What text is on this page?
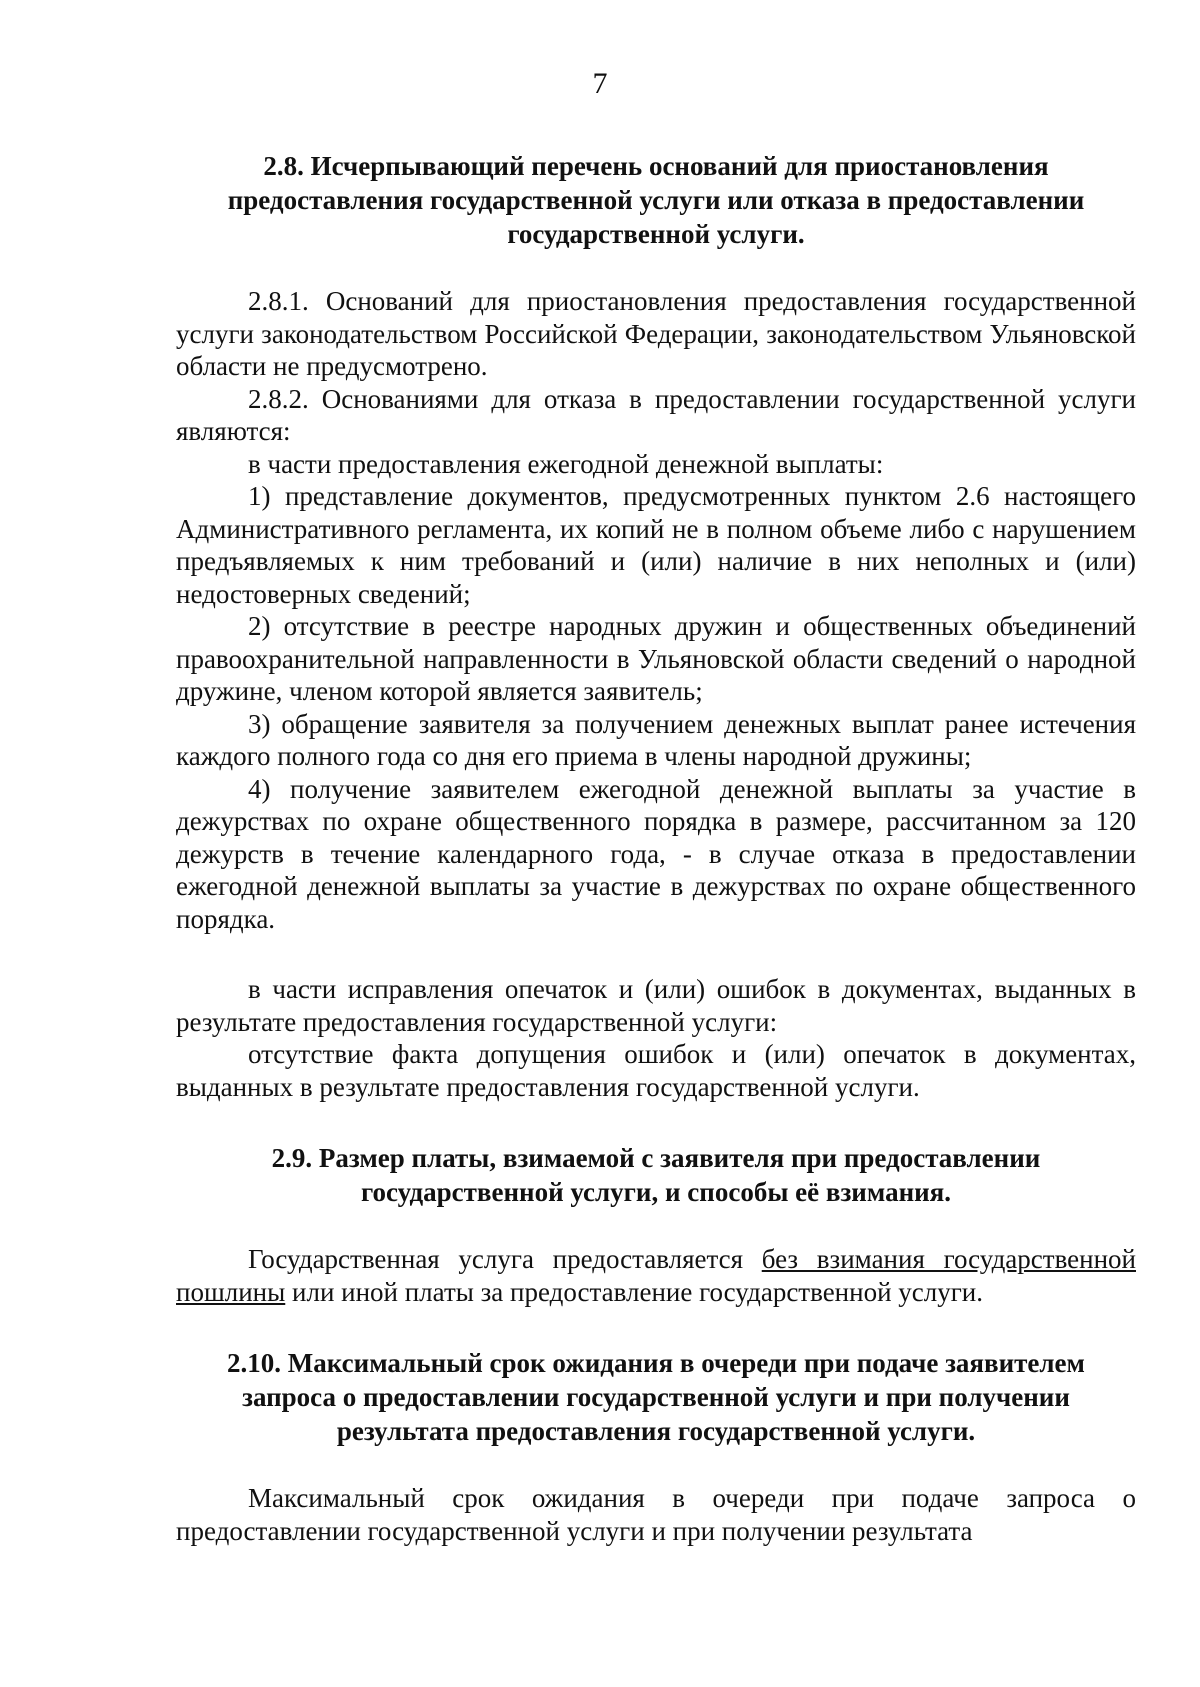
7
2.8. Исчерпывающий перечень оснований для приостановления предоставления государственной услуги или отказа в предоставлении государственной услуги.

2.8.1. Оснований для приостановления предоставления государственной услуги законодательством Российской Федерации, законодательством Ульяновской области не предусмотрено.

2.8.2. Основаниями для отказа в предоставлении государственной услуги являются:

в части предоставления ежегодной денежной выплаты:

1) представление документов, предусмотренных пунктом 2.6 настоящего Административного регламента, их копий не в полном объеме либо с нарушением предъявляемых к ним требований и (или) наличие в них неполных и (или) недостоверных сведений;

2) отсутствие в реестре народных дружин и общественных объединений правоохранительной направленности в Ульяновской области сведений о народной дружине, членом которой является заявитель;

3) обращение заявителя за получением денежных выплат ранее истечения каждого полного года со дня его приема в члены народной дружины;

4) получение заявителем ежегодной денежной выплаты за участие в дежурствах по охране общественного порядка в размере, рассчитанном за 120 дежурств в течение календарного года, - в случае отказа в предоставлении ежегодной денежной выплаты за участие в дежурствах по охране общественного порядка.

в части исправления опечаток и (или) ошибок в документах, выданных в результате предоставления государственной услуги:

отсутствие факта допущения ошибок и (или) опечаток в документах, выданных в результате предоставления государственной услуги.

2.9. Размер платы, взимаемой с заявителя при предоставлении государственной услуги, и способы её взимания.

Государственная услуга предоставляется без взимания государственной пошлины или иной платы за предоставление государственной услуги.

2.10. Максимальный срок ожидания в очереди при подаче заявителем запроса о предоставлении государственной услуги и при получении результата предоставления государственной услуги.

Максимальный срок ожидания в очереди при подаче запроса о предоставлении государственной услуги и при получении результата
